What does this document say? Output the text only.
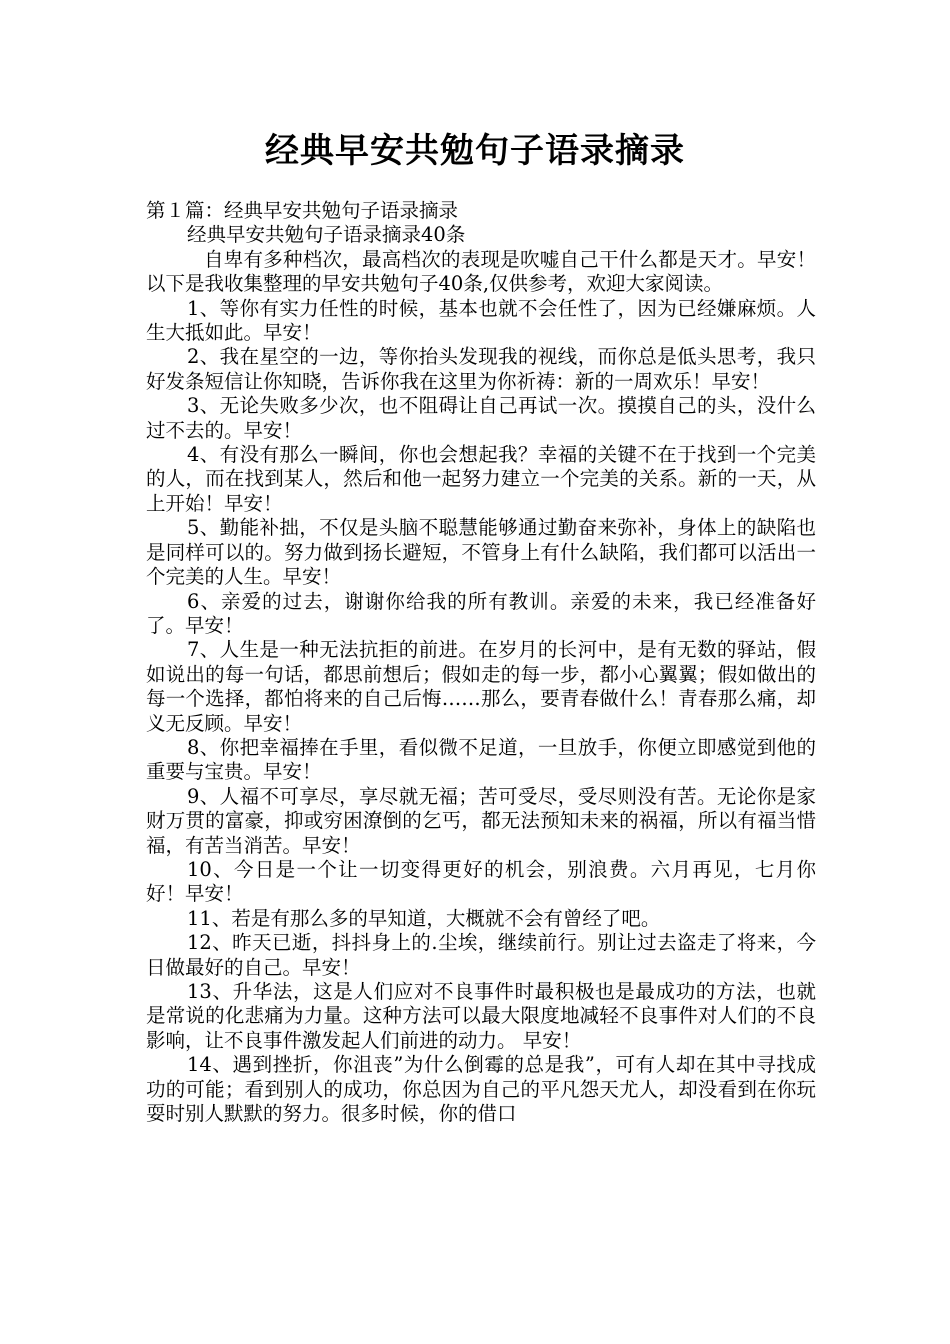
经典早安共勉句子语录摘录

第１篇：经典早安共勉句子语录摘录

经典早安共勉句子语录摘录40条

自卑有多种档次，最高档次的表现是吹嘘自己干什么都是天才。早安！以下是我收集整理的早安共勉句子40条,仅供参考，欢迎大家阅读。

1、等你有实力任性的时候，基本也就不会任性了，因为已经嫌麻烦。人生大抵如此。早安！

2、我在星空的一边，等你抬头发现我的视线，而你总是低头思考，我只好发条短信让你知晓，告诉你我在这里为你祈祷：新的一周欢乐！早安！

3、无论失败多少次，也不阻碍让自己再试一次。摸摸自己的头，没什么过不去的。早安！

4、有没有那么一瞬间，你也会想起我？幸福的关键不在于找到一个完美的人，而在找到某人，然后和他一起努力建立一个完美的关系。新的一天，从上开始！早安！

5、勤能补拙，不仅是头脑不聪慧能够通过勤奋来弥补，身体上的缺陷也是同样可以的。努力做到扬长避短，不管身上有什么缺陷，我们都可以活出一个完美的人生。早安！

6、亲爱的过去，谢谢你给我的所有教训。亲爱的未来，我已经准备好了。早安！

7、人生是一种无法抗拒的前进。在岁月的长河中，是有无数的驿站，假如说出的每一句话，都思前想后；假如走的每一步，都小心翼翼；假如做出的每一个选择，都怕将来的自己后悔……那么，要青春做什么！青春那么痛，却义无反顾。早安！

8、你把幸福捧在手里，看似微不足道，一旦放手，你便立即感觉到他的重要与宝贵。早安！

9、人福不可享尽，享尽就无福；苦可受尽，受尽则没有苦。无论你是家财万贯的富豪，抑或穷困潦倒的乞丐，都无法预知未来的祸福，所以有福当惜福，有苦当消苦。早安！

10、今日是一个让一切变得更好的机会，别浪费。六月再见，七月你好！早安！

11、若是有那么多的早知道，大概就不会有曾经了吧。

12、昨天已逝，抖抖身上的.尘埃，继续前行。别让过去盗走了将来，今日做最好的自己。早安！

13、升华法，这是人们应对不良事件时最积极也是最成功的方法，也就是常说的化悲痛为力量。这种方法可以最大限度地减轻不良事件对人们的不良影响，让不良事件激发起人们前进的动力。 早安！

14、遇到挫折，你沮丧”为什么倒霉的总是我”，可有人却在其中寻找成功的可能；看到别人的成功，你总因为自己的平凡怨天尤人，却没看到在你玩耍时别人默默的努力。很多时候，你的借口
